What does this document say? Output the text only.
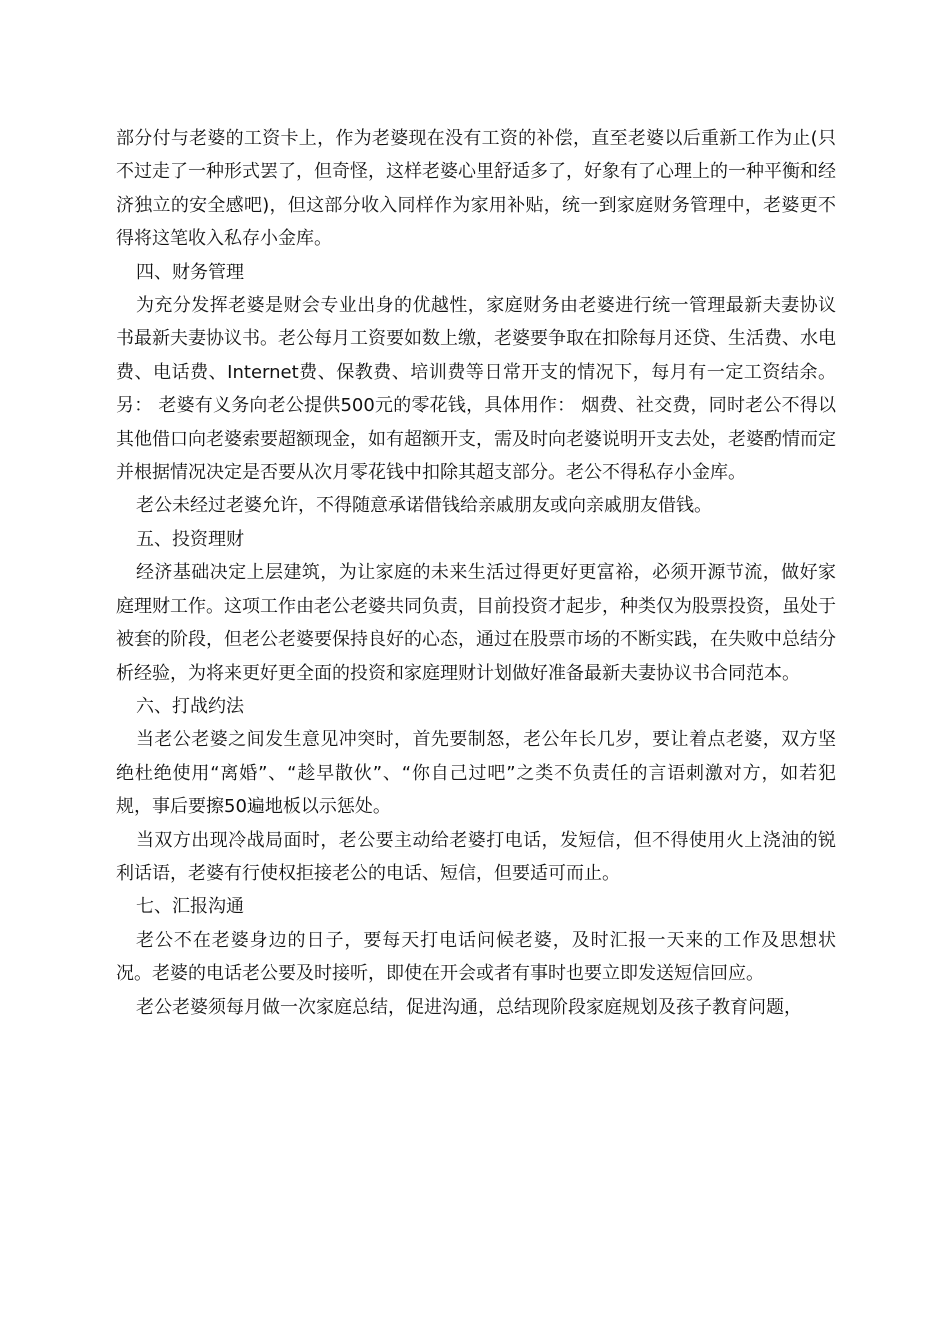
部分付与老婆的工资卡上，作为老婆现在没有工资的补偿，直至老婆以后重新工作为止(只不过走了一种形式罢了，但奇怪，这样老婆心里舒适多了，好象有了心理上的一种平衡和经济独立的安全感吧)，但这部分收入同样作为家用补贴，统一到家庭财务管理中，老婆更不得将这笔收入私存小金库。

四、财务管理

为充分发挥老婆是财会专业出身的优越性，家庭财务由老婆进行统一管理最新夫妻协议书最新夫妻协议书。老公每月工资要如数上缴，老婆要争取在扣除每月还贷、生活费、水电费、电话费、Internet费、保教费、培训费等日常开支的情况下，每月有一定工资结余。另： 老婆有义务向老公提供500元的零花钱，具体用作： 烟费、社交费，同时老公不得以其他借口向老婆索要超额现金，如有超额开支，需及时向老婆说明开支去处，老婆酌情而定并根据情况决定是否要从次月零花钱中扣除其超支部分。老公不得私存小金库。

老公未经过老婆允许，不得随意承诺借钱给亲戚朋友或向亲戚朋友借钱。

五、投资理财

经济基础决定上层建筑，为让家庭的未来生活过得更好更富裕，必须开源节流，做好家庭理财工作。这项工作由老公老婆共同负责，目前投资才起步，种类仅为股票投资，虽处于被套的阶段，但老公老婆要保持良好的心态，通过在股票市场的不断实践，在失败中总结分析经验，为将来更好更全面的投资和家庭理财计划做好准备最新夫妻协议书合同范本。

六、打战约法

当老公老婆之间发生意见冲突时，首先要制怒，老公年长几岁，要让着点老婆，双方坚绝杜绝使用“离婚”、“趁早散伙”、“你自己过吧”之类不负责任的言语刺激对方，如若犯规，事后要擦50遍地板以示惩处。

当双方出现冷战局面时，老公要主动给老婆打电话，发短信，但不得使用火上浇油的锐利话语，老婆有行使权拒接老公的电话、短信，但要适可而止。

七、汇报沟通

老公不在老婆身边的日子，要每天打电话问候老婆，及时汇报一天来的工作及思想状况。老婆的电话老公要及时接听，即使在开会或者有事时也要立即发送短信回应。

老公老婆须每月做一次家庭总结，促进沟通，总结现阶段家庭规划及孩子教育问题，
